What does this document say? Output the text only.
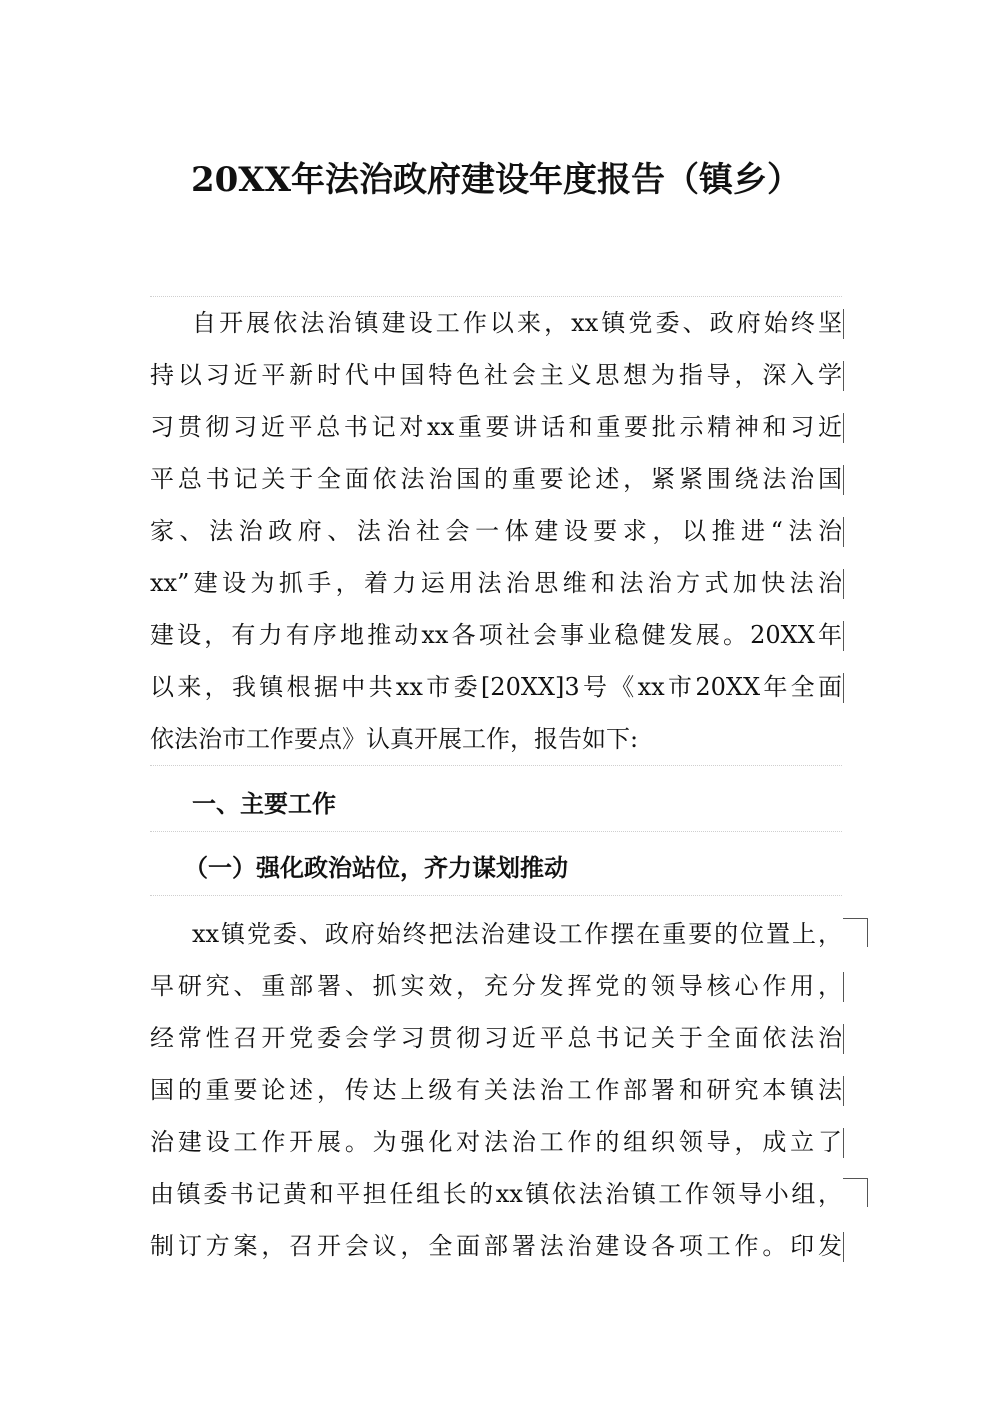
20XX年法治政府建设年度报告（镇乡）
自开展依法治镇建设工作以来，xx镇党委、政府始终坚
持以习近平新时代中国特色社会主义思想为指导，深入学
习贯彻习近平总书记对xx重要讲话和重要批示精神和习近
平总书记关于全面依法治国的重要论述，紧紧围绕法治国
家、法治政府、法治社会一体建设要求，以推进“法治
xx”建设为抓手，着力运用法治思维和法治方式加快法治
建设，有力有序地推动xx各项社会事业稳健发展。20XX年
以来，我镇根据中共xx市委[20XX]3号《xx市20XX年全面
依法治市工作要点》认真开展工作，报告如下:
一、主要工作
（一）强化政治站位，齐力谋划推动
xx镇党委、政府始终把法治建设工作摆在重要的位置上，
早研究、重部署、抓实效，充分发挥党的领导核心作用，
经常性召开党委会学习贯彻习近平总书记关于全面依法治
国的重要论述，传达上级有关法治工作部署和研究本镇法
治建设工作开展。为强化对法治工作的组织领导，成立了
由镇委书记黄和平担任组长的xx镇依法治镇工作领导小组，
制订方案，召开会议，全面部署法治建设各项工作。印发
